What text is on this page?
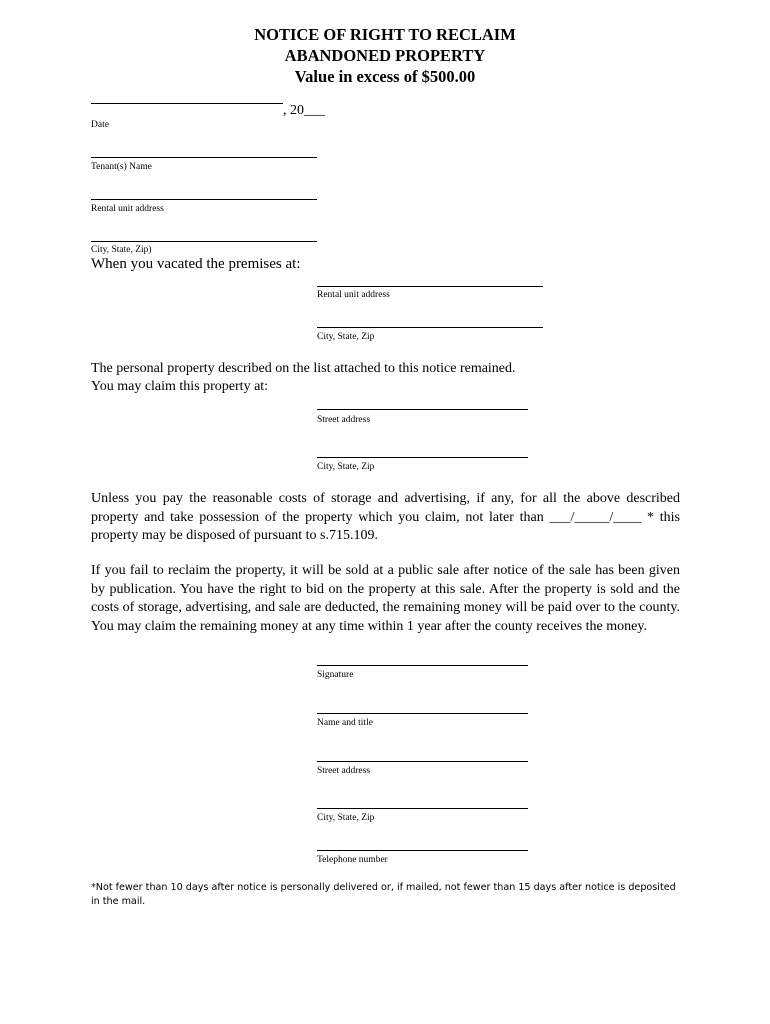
NOTICE OF RIGHT TO RECLAIM
ABANDONED PROPERTY
Value in excess of $500.00
, 20___
Date
Tenant(s) Name
Rental unit address
City, State, Zip)
When you vacated the premises at:
Rental unit address
City, State, Zip
The personal property described on the list attached to this notice remained.
You may claim this property at:
Street address
City, State, Zip
Unless you pay the reasonable costs of storage and advertising, if any, for all the above described property and take possession of the property which you claim, not later than ___/_____/____ * this property may be disposed of pursuant to s.715.109.
If you fail to reclaim the property, it will be sold at a public sale after notice of the sale has been given by publication. You have the right to bid on the property at this sale. After the property is sold and the costs of storage, advertising, and sale are deducted, the remaining money will be paid over to the county. You may claim the remaining money at any time within 1 year after the county receives the money.
Signature
Name and title
Street address
City, State, Zip
Telephone number
*Not fewer than 10 days after notice is personally delivered or, if mailed, not fewer than 15 days after notice is deposited in the mail.
